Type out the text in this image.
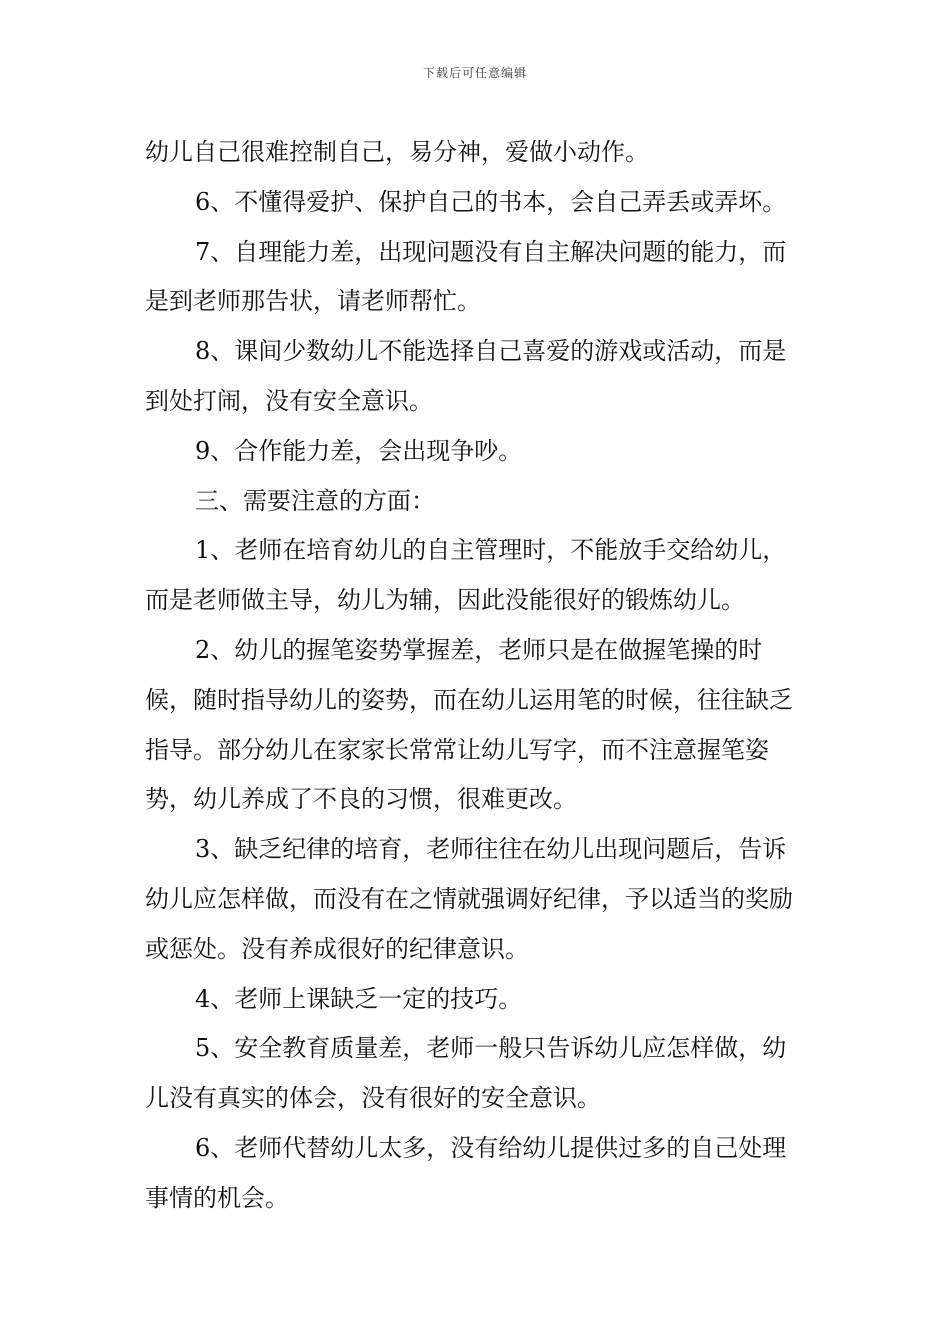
下载后可任意编辑

幼儿自己很难控制自己，易分神，爱做小动作。

6、不懂得爱护、保护自己的书本，会自己弄丢或弄坏。

7、自理能力差，出现问题没有自主解决问题的能力，而是到老师那告状，请老师帮忙。

8、课间少数幼儿不能选择自己喜爱的游戏或活动，而是到处打闹，没有安全意识。

9、合作能力差，会出现争吵。

三、需要注意的方面：

1、老师在培育幼儿的自主管理时，不能放手交给幼儿，而是老师做主导，幼儿为辅，因此没能很好的锻炼幼儿。

2、幼儿的握笔姿势掌握差，老师只是在做握笔操的时候，随时指导幼儿的姿势，而在幼儿运用笔的时候，往往缺乏指导。部分幼儿在家家长常常让幼儿写字，而不注意握笔姿势，幼儿养成了不良的习惯，很难更改。

3、缺乏纪律的培育，老师往往在幼儿出现问题后，告诉幼儿应怎样做，而没有在之情就强调好纪律，予以适当的奖励或惩处。没有养成很好的纪律意识。

4、老师上课缺乏一定的技巧。

5、安全教育质量差，老师一般只告诉幼儿应怎样做，幼儿没有真实的体会，没有很好的安全意识。

6、老师代替幼儿太多，没有给幼儿提供过多的自己处理事情的机会。
